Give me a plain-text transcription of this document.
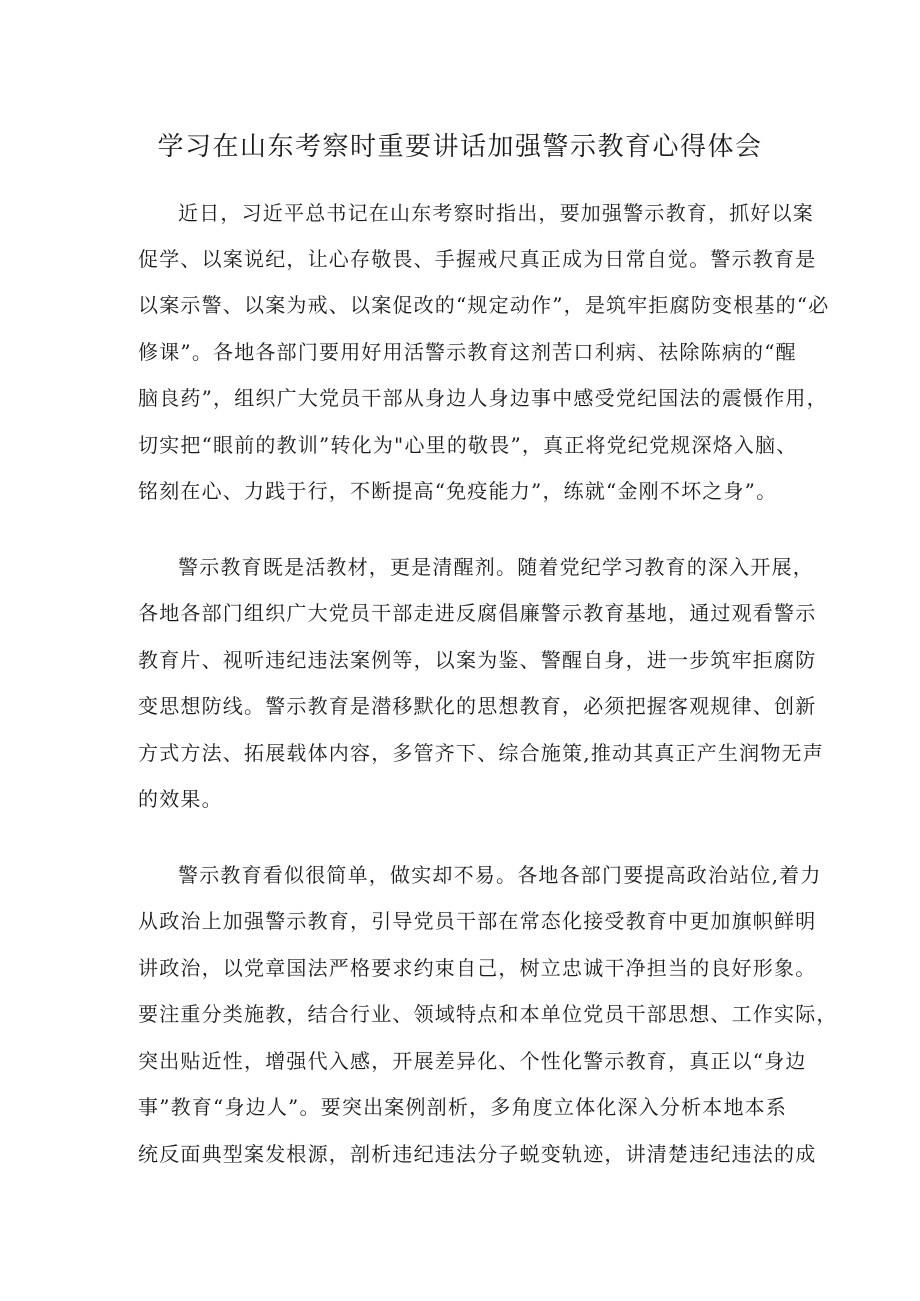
学习在山东考察时重要讲话加强警示教育心得体会
近日，习近平总书记在山东考察时指出，要加强警示教育，抓好以案
促学、以案说纪，让心存敬畏、手握戒尺真正成为日常自觉。警示教育是
以案示警、以案为戒、以案促改的“规定动作”，是筑牢拒腐防变根基的“必
修课”。各地各部门要用好用活警示教育这剂苦口利病、祛除陈病的“醒
脑良药”，组织广大党员干部从身边人身边事中感受党纪国法的震慑作用，
切实把“眼前的教训”转化为"心里的敬畏”，真正将党纪党规深烙入脑、
铭刻在心、力践于行，不断提高“免疫能力”，练就“金刚不坏之身”。
警示教育既是活教材，更是清醒剂。随着党纪学习教育的深入开展，
各地各部门组织广大党员干部走进反腐倡廉警示教育基地，通过观看警示
教育片、视听违纪违法案例等，以案为鉴、警醒自身，进一步筑牢拒腐防
变思想防线。警示教育是潜移默化的思想教育，必须把握客观规律、创新
方式方法、拓展载体内容，多管齐下、综合施策,推动其真正产生润物无声
的效果。
警示教育看似很简单，做实却不易。各地各部门要提高政治站位,着力
从政治上加强警示教育，引导党员干部在常态化接受教育中更加旗帜鲜明
讲政治，以党章国法严格要求约束自己，树立忠诚干净担当的良好形象。
要注重分类施教，结合行业、领域特点和本单位党员干部思想、工作实际，
突出贴近性，增强代入感，开展差异化、个性化警示教育，真正以“身边
事”教育“身边人”。要突出案例剖析，多角度立体化深入分析本地本系
统反面典型案发根源，剖析违纪违法分子蜕变轨迹，讲清楚违纪违法的成
